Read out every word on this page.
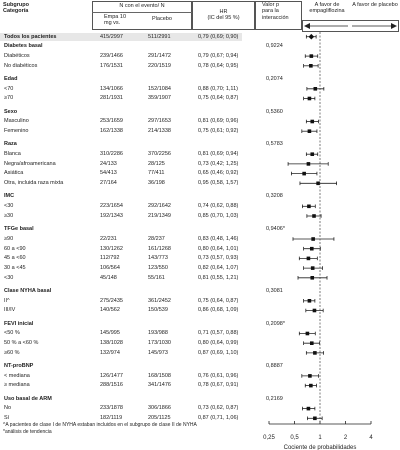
Subgrupo
Categoría
N con el evento/ N
Empa 10
mg vs.
Placebo
HR
(IC del 95 %)
Valor p
para la
interacción
A favor de
empagliflozina
A favor de placebo
Todos los pacientes	415/2997	511/2991	0,79 (0,69; 0,90)
Diabetes basal	0,9224
Diabéticos	239/1466	291/1472	0,79 (0,67; 0,94)
No diabéticos	176/1531	220/1519	0,78 (0,64; 0,95)
Edad	0,2074
<70	134/1066	152/1084	0,88 (0,70; 1,11)
≥70	281/1931	359/1907	0,75 (0,64; 0,87)
Sexo	0,5360
Masculino	253/1659	297/1653	0,81 (0,69; 0,96)
Femenino	162/1338	214/1338	0,75 (0,61; 0,92)
Raza	0,5783
Blanca	310/2286	370/2256	0,81 (0,69; 0,94)
Negra/afroamericana	24/133	28/125	0,73 (0,42; 1,25)
Asiática	54/413	77/411	0,65 (0,46; 0,92)
Otra, incluida raza mixta	27/164	36/198	0,95 (0,58, 1,57)
IMC	0,3208
<30	223/1654	292/1642	0,74 (0,62, 0,88)
≥30	192/1343	219/1349	0,85 (0,70, 1,03)
TFGe basal	0,9406*
≥90	22/231	28/237	0,83 (0,48, 1,46)
60 a <90	130/1262	161/1268	0,80 (0,64, 1,01)
45 a <60	112/792	143/773	0,73 (0,57, 0,93)
30 a <45	106/564	123/550	0,82 (0,64, 1,07)
<30	45/148	55/161	0,81 (0,55, 1,21)
Clase NYHA basal	0,3081
II^	275/2435	361/2452	0,75 (0,64, 0,87)
III/IV	140/562	150/539	0,86 (0,68, 1,09)
FEVI inicial	0,2098*
<50 %	145/995	193/988	0,71 (0,57, 0,88)
50 % a <60 %	138/1028	173/1030	0,80 (0,64, 0,99)
≥60 %	132/974	145/973	0,87 (0,69, 1,10)
NT-proBNP	0,8887
< mediana	126/1477	168/1508	0,76 (0,61, 0,96)
≥ mediana	288/1516	341/1476	0,78 (0,67, 0,91)
Uso basal de ARM	0,2169
No	233/1878	306/1866	0,73 (0,62, 0,87)
Sí	182/1119	205/1125	0,87 (0,71, 1,06)
0,25	0,5	1	2	4
Cociente de probabilidades
^A pacientes de clase I de NYHA estaban incluidos en el subgrupo de clase II de NYHA
*análisis de tendencia
